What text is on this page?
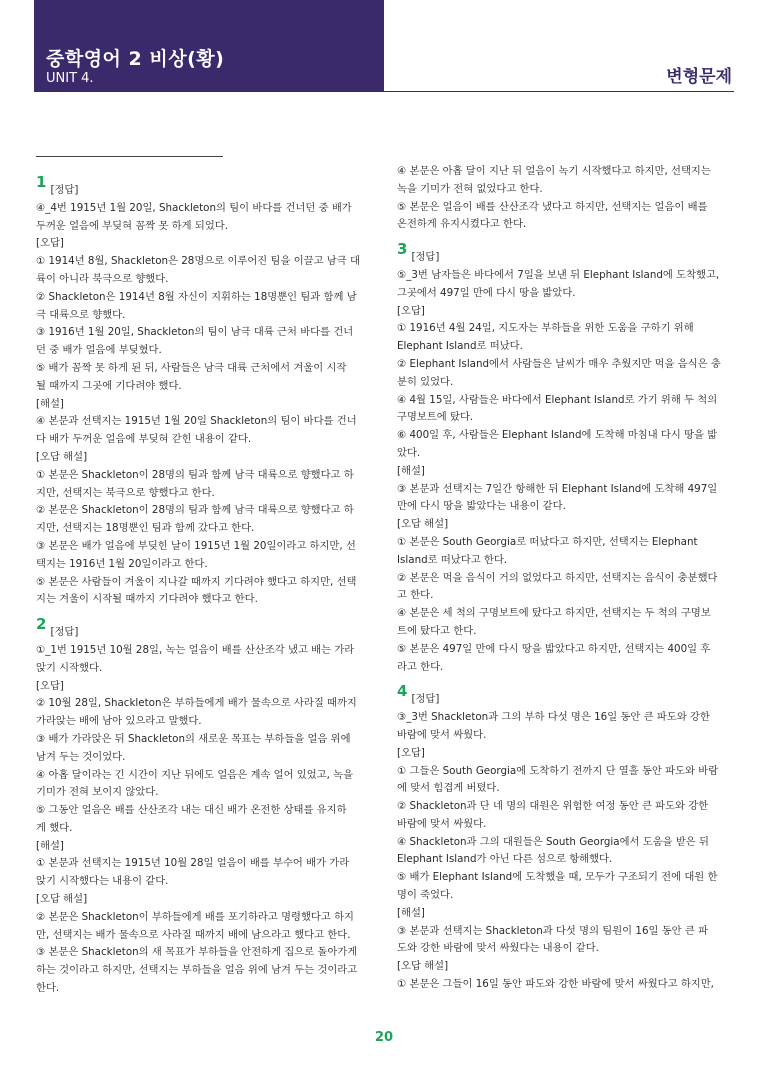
중학영어 2 비상(황)
UNIT 4.	변형문제
1 [정답]
④_4번 1915년 1월 20일, Shackleton의 팀이 바다를 건너던 중 배가
두꺼운 얼음에 부딪혀 꼼짝 못 하게 되었다.
[오답]
① 1914년 8월, Shackleton은 28명으로 이루어진 팀을 이끌고 남극 대
륙이 아니라 북극으로 향했다.
② Shackleton은 1914년 8월 자신이 지휘하는 18명뿐인 팀과 함께 남
극 대륙으로 향했다.
③ 1916년 1월 20일, Shackleton의 팀이 남극 대륙 근처 바다를 건너
던 중 배가 얼음에 부딪혔다.
⑤ 배가 꼼짝 못 하게 된 뒤, 사람들은 남극 대륙 근처에서 겨울이 시작
될 때까지 그곳에 기다려야 했다.
[해설]
④ 본문과 선택지는 1915년 1월 20일 Shackleton의 팀이 바다를 건너
다 배가 두꺼운 얼음에 부딪혀 갇힌 내용이 같다.
[오답 해설]
① 본문은 Shackleton이 28명의 팀과 함께 남극 대륙으로 향했다고 하
지만, 선택지는 북극으로 향했다고 한다.
② 본문은 Shackleton이 28명의 팀과 함께 남극 대륙으로 향했다고 하
지만, 선택지는 18명뿐인 팀과 함께 갔다고 한다.
③ 본문은 배가 얼음에 부딪힌 날이 1915년 1월 20일이라고 하지만, 선
택지는 1916년 1월 20일이라고 한다.
⑤ 본문은 사람들이 겨울이 지나갈 때까지 기다려야 했다고 하지만, 선택
지는 겨울이 시작될 때까지 기다려야 했다고 한다.
2 [정답]
①_1번 1915년 10월 28일, 녹는 얼음이 배를 산산조각 냈고 배는 가라
앉기 시작했다.
[오답]
② 10월 28일, Shackleton은 부하들에게 배가 물속으로 사라질 때까지
가라앉는 배에 남아 있으라고 말했다.
③ 배가 가라앉은 뒤 Shackleton의 새로운 목표는 부하들을 얼음 위에
남겨 두는 것이었다.
④ 아홉 달이라는 긴 시간이 지난 뒤에도 얼음은 계속 얼어 있었고, 녹을
기미가 전혀 보이지 않았다.
⑤ 그동안 얼음은 배를 산산조각 내는 대신 배가 온전한 상태를 유지하
게 했다.
[해설]
① 본문과 선택지는 1915년 10월 28일 얼음이 배를 부수어 배가 가라
앉기 시작했다는 내용이 같다.
[오답 해설]
② 본문은 Shackleton이 부하들에게 배를 포기하라고 명령했다고 하지
만, 선택지는 배가 물속으로 사라질 때까지 배에 남으라고 했다고 한다.
③ 본문은 Shackleton의 새 목표가 부하들을 안전하게 집으로 돌아가게
하는 것이라고 하지만, 선택지는 부하들을 얼음 위에 남겨 두는 것이라고
한다.
④ 본문은 아홉 달이 지난 뒤 얼음이 녹기 시작했다고 하지만, 선택지는
녹을 기미가 전혀 없었다고 한다.
⑤ 본문은 얼음이 배를 산산조각 냈다고 하지만, 선택지는 얼음이 배를
온전하게 유지시켰다고 한다.
3 [정답]
⑤_3번 남자들은 바다에서 7일을 보낸 뒤 Elephant Island에 도착했고,
그곳에서 497일 만에 다시 땅을 밟았다.
[오답]
① 1916년 4월 24일, 지도자는 부하들을 위한 도움을 구하기 위해
Elephant Island로 떠났다.
② Elephant Island에서 사람들은 날씨가 매우 추웠지만 먹을 음식은 충
분히 있었다.
④ 4월 15일, 사람들은 바다에서 Elephant Island로 가기 위해 두 척의
구명보트에 탔다.
⑥ 400일 후, 사람들은 Elephant Island에 도착해 마침내 다시 땅을 밟
았다.
[해설]
③ 본문과 선택지는 7일간 항해한 뒤 Elephant Island에 도착해 497일
만에 다시 땅을 밟았다는 내용이 같다.
[오답 해설]
① 본문은 South Georgia로 떠났다고 하지만, 선택지는 Elephant
Island로 떠났다고 한다.
② 본문은 먹을 음식이 거의 없었다고 하지만, 선택지는 음식이 충분했다
고 한다.
④ 본문은 세 척의 구명보트에 탔다고 하지만, 선택지는 두 척의 구명보
트에 탔다고 한다.
⑤ 본문은 497일 만에 다시 땅을 밟았다고 하지만, 선택지는 400일 후
라고 한다.
4 [정답]
③_3번 Shackleton과 그의 부하 다섯 명은 16일 동안 큰 파도와 강한
바람에 맞서 싸웠다.
[오답]
① 그들은 South Georgia에 도착하기 전까지 단 열흘 동안 파도와 바람
에 맞서 힘겹게 버텼다.
② Shackleton과 단 네 명의 대원은 위험한 여정 동안 큰 파도와 강한
바람에 맞서 싸웠다.
④ Shackleton과 그의 대원들은 South Georgia에서 도움을 받은 뒤
Elephant Island가 아닌 다른 섬으로 항해했다.
⑤ 배가 Elephant Island에 도착했을 때, 모두가 구조되기 전에 대원 한
명이 죽었다.
[해설]
③ 본문과 선택지는 Shackleton과 다섯 명의 팀원이 16일 동안 큰 파
도와 강한 바람에 맞서 싸웠다는 내용이 같다.
[오답 해설]
① 본문은 그들이 16일 동안 파도와 강한 바람에 맞서 싸웠다고 하지만,
20
